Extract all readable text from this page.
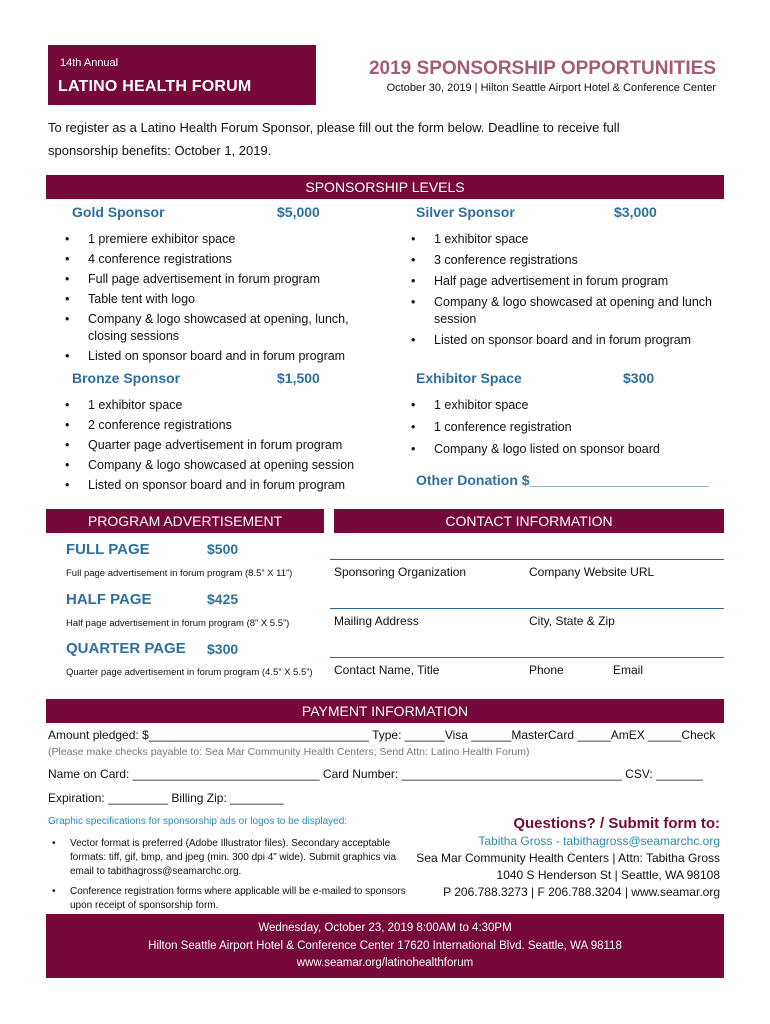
14th Annual
LATINO HEALTH FORUM
2019 SPONSORSHIP OPPORTUNITIES
October 30, 2019 | Hilton Seattle Airport Hotel & Conference Center
To register as a Latino Health Forum Sponsor, please fill out the form below. Deadline to receive full
sponsorship benefits: October 1, 2019.
SPONSORSHIP LEVELS
Gold Sponsor	$5,000
• 1 premiere exhibitor space
• 4 conference registrations
• Full page advertisement in forum program
• Table tent with logo
• Company & logo showcased at opening, lunch, closing sessions
• Listed on sponsor board and in forum program
Silver Sponsor	$3,000
• 1 exhibitor space
• 3 conference registrations
• Half page advertisement in forum program
• Company & logo showcased at opening and lunch session
• Listed on sponsor board and in forum program
Bronze Sponsor	$1,500
• 1 exhibitor space
• 2 conference registrations
• Quarter page advertisement in forum program
• Company & logo showcased at opening session
• Listed on sponsor board and in forum program
Exhibitor Space	$300
• 1 exhibitor space
• 1 conference registration
• Company & logo listed on sponsor board
Other Donation $_______________________
PROGRAM ADVERTISEMENT	CONTACT INFORMATION
FULL PAGE	$500
Full page advertisement in forum program (8.5” X 11”)
HALF PAGE	$425
Half page advertisement in forum program (8” X 5.5”)
QUARTER PAGE $300
Quarter page advertisement in forum program (4.5” X 5.5”)
Sponsoring Organization	Company Website URL
Mailing Address	City, State & Zip
Contact Name, Title	Phone	Email
PAYMENT INFORMATION
Amount pledged: $_________________________________ Type: ______Visa ______MasterCard _____AmEX _____Check
(Please make checks payable to: Sea Mar Community Health Centers; Send Attn: Latino Health Forum)
Name on Card: ____________________________ Card Number: _________________________________ CSV: _______
Expiration: _________ Billing Zip: ________
Graphic specifications for sponsorship ads or logos to be displayed:
• Vector format is preferred (Adobe Illustrator files). Secondary acceptable formats: tiff, gif, bmp, and jpeg (min. 300 dpi 4” wide). Submit graphics via email to tabithagross@seamarchc.org.
• Conference registration forms where applicable will be e-mailed to sponsors upon receipt of sponsorship form.
Questions? / Submit form to:
Tabitha Gross - tabithagross@seamarchc.org
Sea Mar Community Health Centers | Attn: Tabitha Gross
1040 S Henderson St | Seattle, WA 98108
P 206.788.3273 | F 206.788.3204 | www.seamar.org
Wednesday, October 23, 2019 8:00AM to 4:30PM
Hilton Seattle Airport Hotel & Conference Center 17620 International Blvd. Seattle, WA 98118
www.seamar.org/latinohealthforum
